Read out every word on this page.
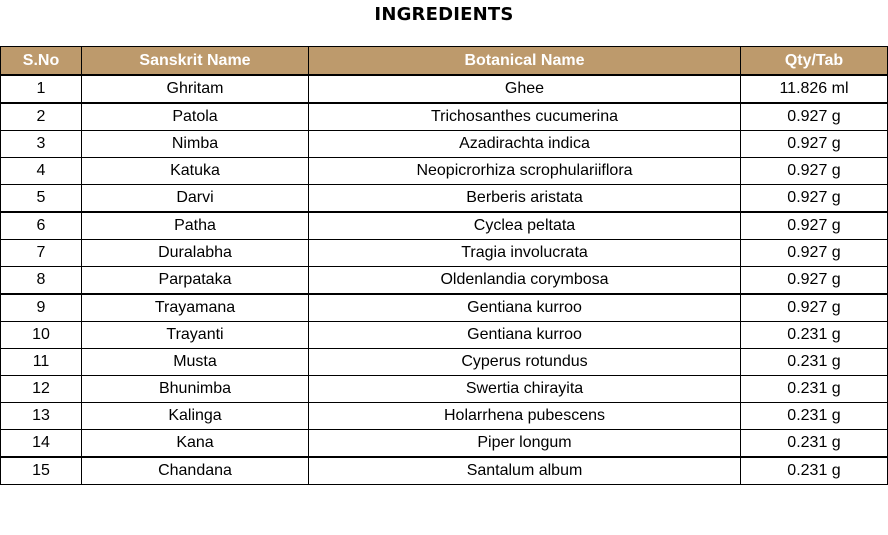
INGREDIENTS
S.No	Sanskrit Name	Botanical Name	Qty/Tab
1	Ghritam	Ghee	11.826 ml
2	Patola	Trichosanthes cucumerina	0.927 g
3	Nimba	Azadirachta indica	0.927 g
4	Katuka	Neopicrorhiza scrophulariiflora	0.927 g
5	Darvi	Berberis aristata	0.927 g
6	Patha	Cyclea peltata	0.927 g
7	Duralabha	Tragia involucrata	0.927 g
8	Parpataka	Oldenlandia corymbosa	0.927 g
9	Trayamana	Gentiana kurroo	0.927 g
10	Trayanti	Gentiana kurroo	0.231 g
11	Musta	Cyperus rotundus	0.231 g
12	Bhunimba	Swertia chirayita	0.231 g
13	Kalinga	Holarrhena pubescens	0.231 g
14	Kana	Piper longum	0.231 g
15	Chandana	Santalum album	0.231 g
